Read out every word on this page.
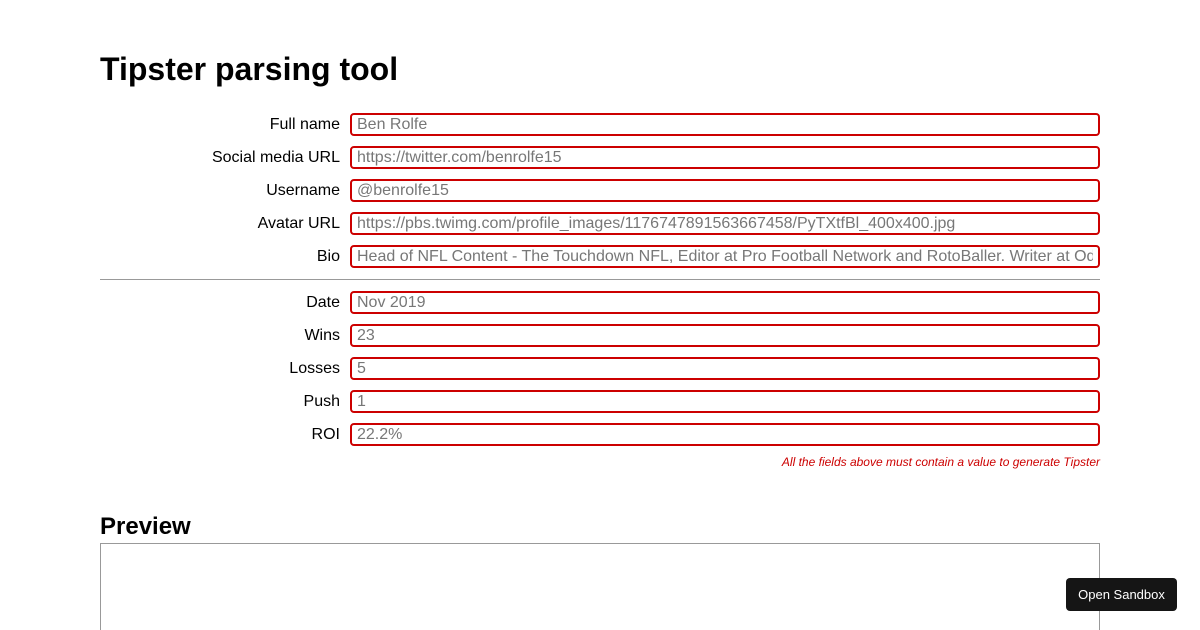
Tipster parsing tool
Full name
Ben Rolfe
Social media URL
https://twitter.com/benrolfe15
Username
@benrolfe15
Avatar URL
https://pbs.twimg.com/profile_images/1176747891563667458/PyTXtfBl_400x400.jpg
Bio
Head of NFL Content - The Touchdown NFL, Editor at Pro Football Network and RotoBaller. Writer at Odds Shark
Date
Nov 2019
Wins
23
Losses
5
Push
1
ROI
22.2%
All the fields above must contain a value to generate Tipster
Preview
Open Sandbox
